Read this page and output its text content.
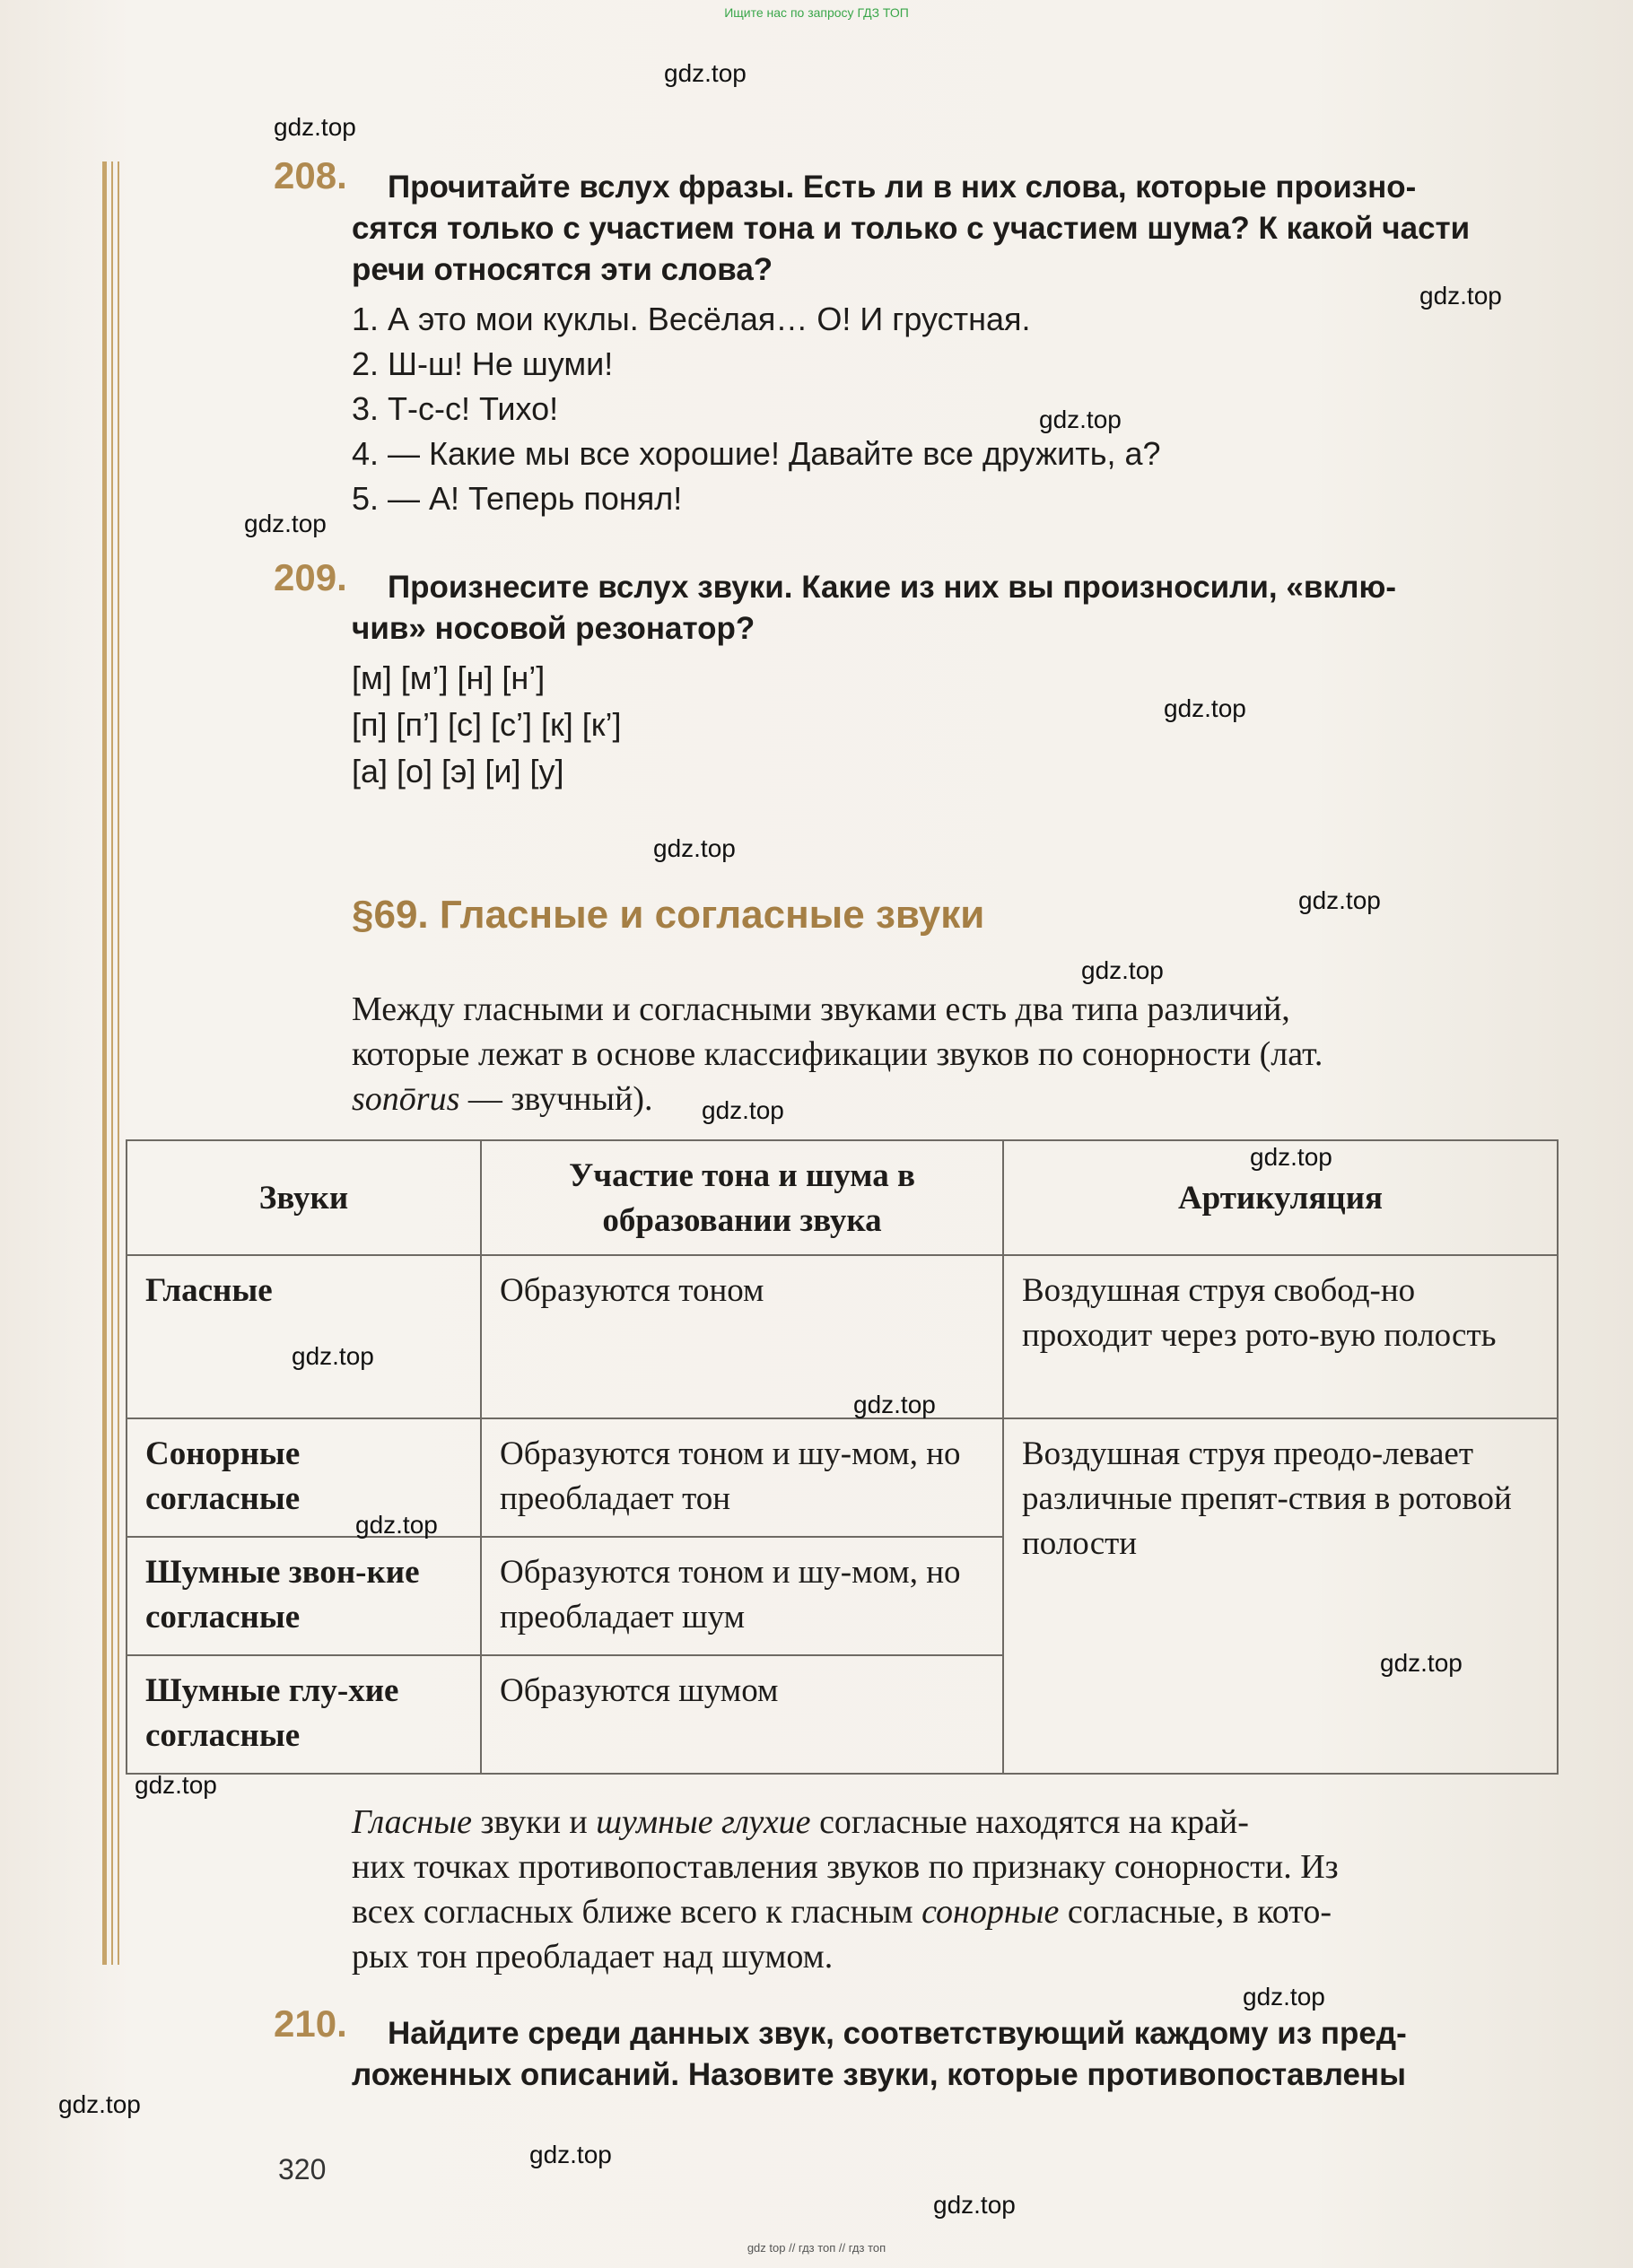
Ищите нас по запросу ГДЗ ТОП
208. Прочитайте вслух фразы. Есть ли в них слова, которые произно-
сятся только с участием тона и только с участием шума? К какой части
речи относятся эти слова?
1. А это мои куклы. Весёлая… О! И грустная.
2. Ш-ш! Не шуми!
3. Т-с-с! Тихо!
4. — Какие мы все хорошие! Давайте все дружить, а?
5. — А! Теперь понял!
209. Произнесите вслух звуки. Какие из них вы произносили, «вклю-
чив» носовой резонатор?
[м] [м’] [н] [н’]
[п] [п’] [с] [с’] [к] [к’]
[а] [о] [э] [и] [у]
§69. Гласные и согласные звуки
Между гласными и согласными звуками есть два типа различий,
которые лежат в основе классификации звуков по сонорности (лат.
sonōrus — звучный).
Звуки	Участие тона и шума в образовании звука	Артикуляция
Гласные	Образуются тоном	Воздушная струя свобод-но проходит через рото-вую полость
Сонорные согласные	Образуются тоном и шу-мом, но преобладает тон	Воздушная струя преодо-левает различные препят-ствия в ротовой полости
Шумные звон-кие согласные	Образуются тоном и шу-мом, но преобладает шум	
Шумные глу-хие согласные	Образуются шумом	
Гласные звуки и шумные глухие согласные находятся на край-
них точках противопоставления звуков по признаку сонорности. Из
всех согласных ближе всего к гласным сонорные согласные, в кото-
рых тон преобладает над шумом.
210. Найдите среди данных звук, соответствующий каждому из пред-
ложенных описаний. Назовите звуки, которые противопоставлены
320
gdz.top
gdz.top
gdz.top
gdz.top
gdz.top
gdz.top
gdz.top
gdz.top
gdz.top
gdz.top
gdz.top
gdz.top
gdz.top
gdz.top
gdz.top
gdz.top
gdz.top
gdz.top
gdz.top
gdz.top
gdz top // гдз топ // гдз топ
